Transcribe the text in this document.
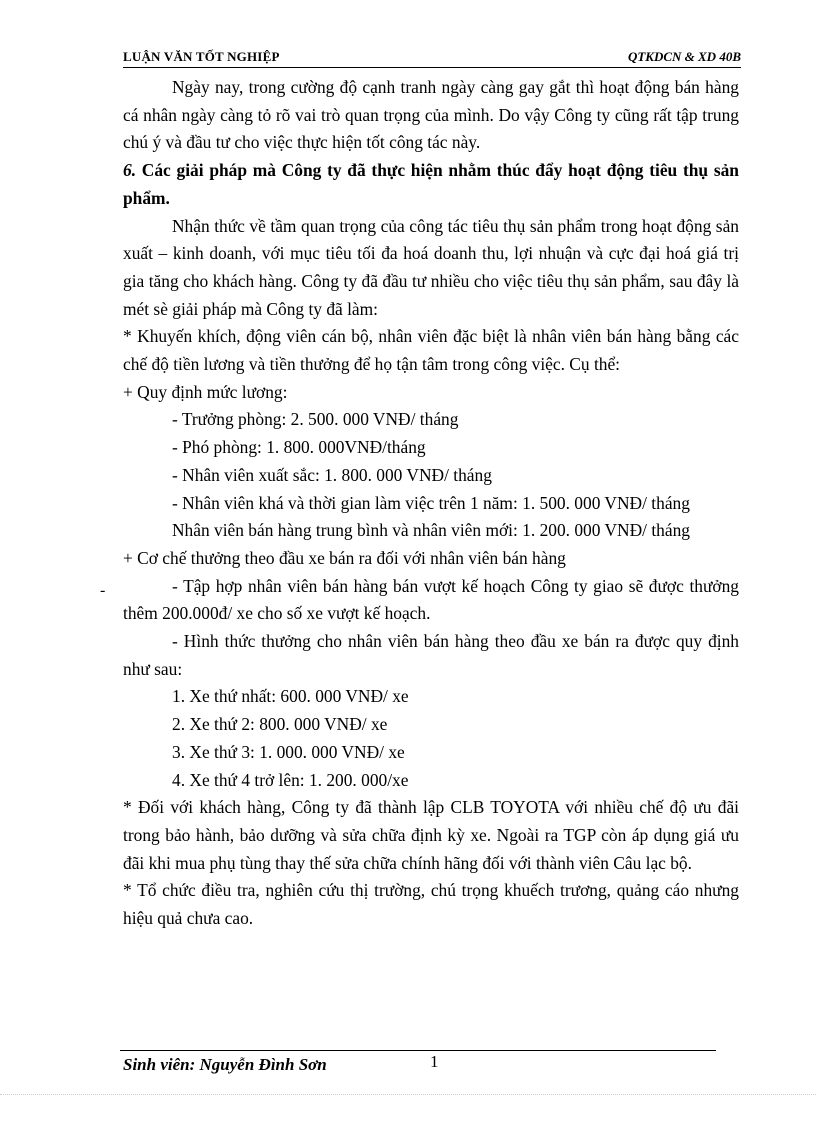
LUẬN VĂN TỐT NGHIỆP	QTKDCN & XD 40B

Ngày nay, trong cường độ cạnh tranh ngày càng gay gắt thì hoạt động bán hàng cá nhân ngày càng tỏ rõ vai trò quan trọng của mình. Do vậy Công ty cũng rất tập trung chú ý và đầu tư cho việc thực hiện tốt công tác này.

6. Các giải pháp mà Công ty đã thực hiện nhằm thúc đẩy hoạt động tiêu thụ sản phẩm.

Nhận thức về tầm quan trọng của công tác tiêu thụ sản phẩm trong hoạt động sản xuất – kinh doanh, với mục tiêu tối đa hoá doanh thu, lợi nhuận và cực đại hoá giá trị gia tăng cho khách hàng. Công ty đã đầu tư nhiều cho việc tiêu thụ sản phẩm, sau đây là mét sè giải pháp mà Công ty đã làm:

* Khuyến khích, động viên cán bộ, nhân viên đặc biệt là nhân viên bán hàng bằng các chế độ tiền lương và tiền thưởng để họ tận tâm trong công việc. Cụ thể:

+ Quy định mức lương:

- Trưởng phòng: 2. 500. 000 VNĐ/ tháng

- Phó phòng: 1. 800. 000VNĐ/tháng

- Nhân viên xuất sắc: 1. 800. 000 VNĐ/ tháng

- Nhân viên khá và thời gian làm việc trên 1 năm: 1. 500. 000 VNĐ/ tháng

Nhân viên bán hàng trung bình và nhân viên mới: 1. 200. 000 VNĐ/ tháng

+ Cơ chế thưởng theo đầu xe bán ra đối với nhân viên bán hàng

- Tập hợp nhân viên bán hàng bán vượt kế hoạch Công ty giao sẽ được thưởng thêm 200.000đ/ xe cho số xe vượt kế hoạch.

- Hình thức thưởng cho nhân viên bán hàng theo đầu xe bán ra được quy định như sau:

1. Xe thứ nhất: 600. 000 VNĐ/ xe

2. Xe thứ 2: 800. 000 VNĐ/ xe

3. Xe thứ 3: 1. 000. 000 VNĐ/ xe

4. Xe thứ 4 trở lên: 1. 200. 000/xe

* Đối với khách hàng, Công ty đã thành lập CLB TOYOTA với nhiều chế độ ưu đãi trong bảo hành, bảo dưỡng và sửa chữa định kỳ xe. Ngoài ra TGP còn áp dụng giá ưu đãi khi mua phụ tùng thay thế sửa chữa chính hãng đối với thành viên Câu lạc bộ.

* Tổ chức điều tra, nghiên cứu thị trường, chú trọng khuếch trương, quảng cáo nhưng hiệu quả chưa cao.

-
Sinh viên: Nguyễn Đình Sơn	1
